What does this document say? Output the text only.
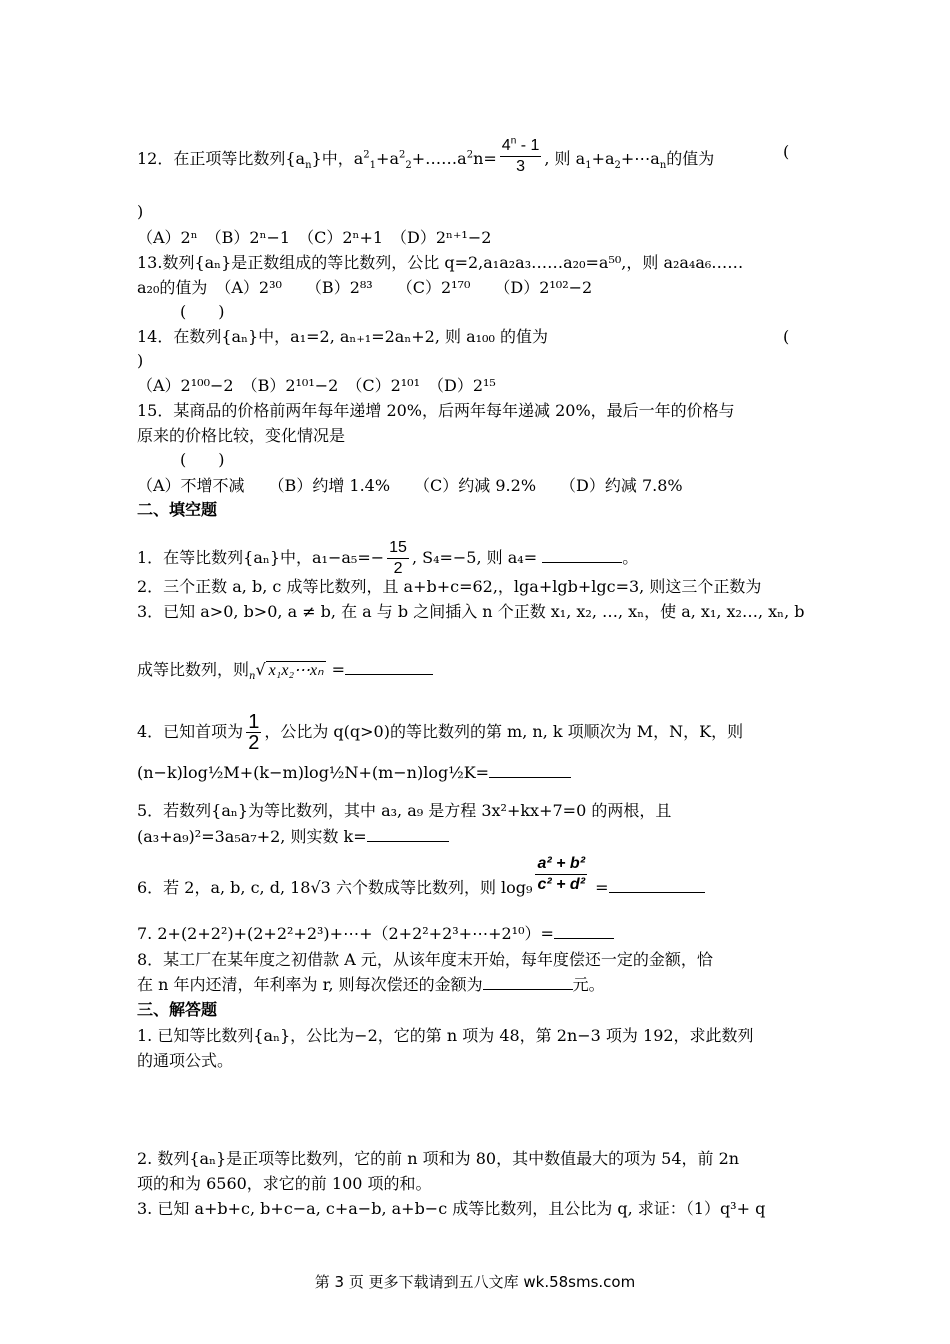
12．在正项等比数列$\{a_n\}$中，$a^2_1+a^2_2+\dots\dots a^2n= \frac{4^n - 1}{3}$ , 则 $a_1+a_2+\cdots a_n$的值为	(
)
（A）2ⁿ　（B）2ⁿ−1　（C）2ⁿ+1　（D）2ⁿ⁺¹−2
13.数列{aₙ}是正数组成的等比数列，公比 q=2,a₁a₂a₃……a₂₀=a⁵⁰,，则 a₂a₄a₆……
a₂₀的值为　（A）2³⁰　　（B）2⁸³　　（C）2¹⁷⁰　　（D）2¹⁰²−2
(　　)
14．在数列{aₙ}中，a₁=2, aₙ₊₁=2aₙ+2, 则 a₁₀₀ 的值为	(
)
（A）2¹⁰⁰−2　（B）2¹⁰¹−2　（C）2¹⁰¹　（D）2¹⁵
15．某商品的价格前两年每年递增 20%，后两年每年递减 20%，最后一年的价格与
原来的价格比较，变化情况是
(　　)
（A）不增不减　　（B）约增 1.4%　　（C）约减 9.2%　　（D）约减 7.8%
二、填空题
1．在等比数列{aₙ}中，$a_1-a_5=- \frac{15}{2}$ , S₄=−5, 则 a₄=	。
2．三个正数 a, b, c 成等比数列，且 a+b+c=62,，lga+lgb+lgc=3, 则这三个正数为
3．已知 a>0, b>0, a ≠ b, 在 a 与 b 之间插入 n 个正数 x₁, x₂, …, xₙ，使 a, x₁, x₂…, xₙ, b
成等比数列，则$_n$√ x₁x₂⋯xₙ =
4．已知首项为 $\frac{1}{2}$ ，公比为 q(q>0)的等比数列的第 m, n, k 项顺次为 M，N，K，则
(n−k)log½M+(k−m)log½N+(m−n)log½K=
5．若数列{aₙ}为等比数列，其中 a₃, a₉ 是方程 3x²+kx+7=0 的两根，且
(a₃+a₉)²=3a₅a₇+2, 则实数 k=
6．若 2，a, b, c, d, 18√3 六个数成等比数列，则 $\log_9 \frac{\text{a² + b²}}{\text{c² + d²}}$ =
7. 2+(2+2²)+(2+2²+2³)+⋯+（2+2²+2³+⋯+2¹⁰）=
8．某工厂在某年度之初借款 A 元，从该年度末开始，每年度偿还一定的金额，恰
在 n 年内还清，年利率为 r, 则每次偿还的金额为	元。
三、解答题
1. 已知等比数列{aₙ}，公比为−2，它的第 n 项为 48，第 2n−3 项为 192，求此数列
的通项公式。
2. 数列{aₙ}是正项等比数列，它的前 n 项和为 80，其中数值最大的项为 54，前 2n
项的和为 6560，求它的前 100 项的和。
3. 已知 a+b+c, b+c−a, c+a−b, a+b−c 成等比数列，且公比为 q, 求证：（1）q³+ q
第 3 页 更多下载请到五八文库 wk.58sms.com
